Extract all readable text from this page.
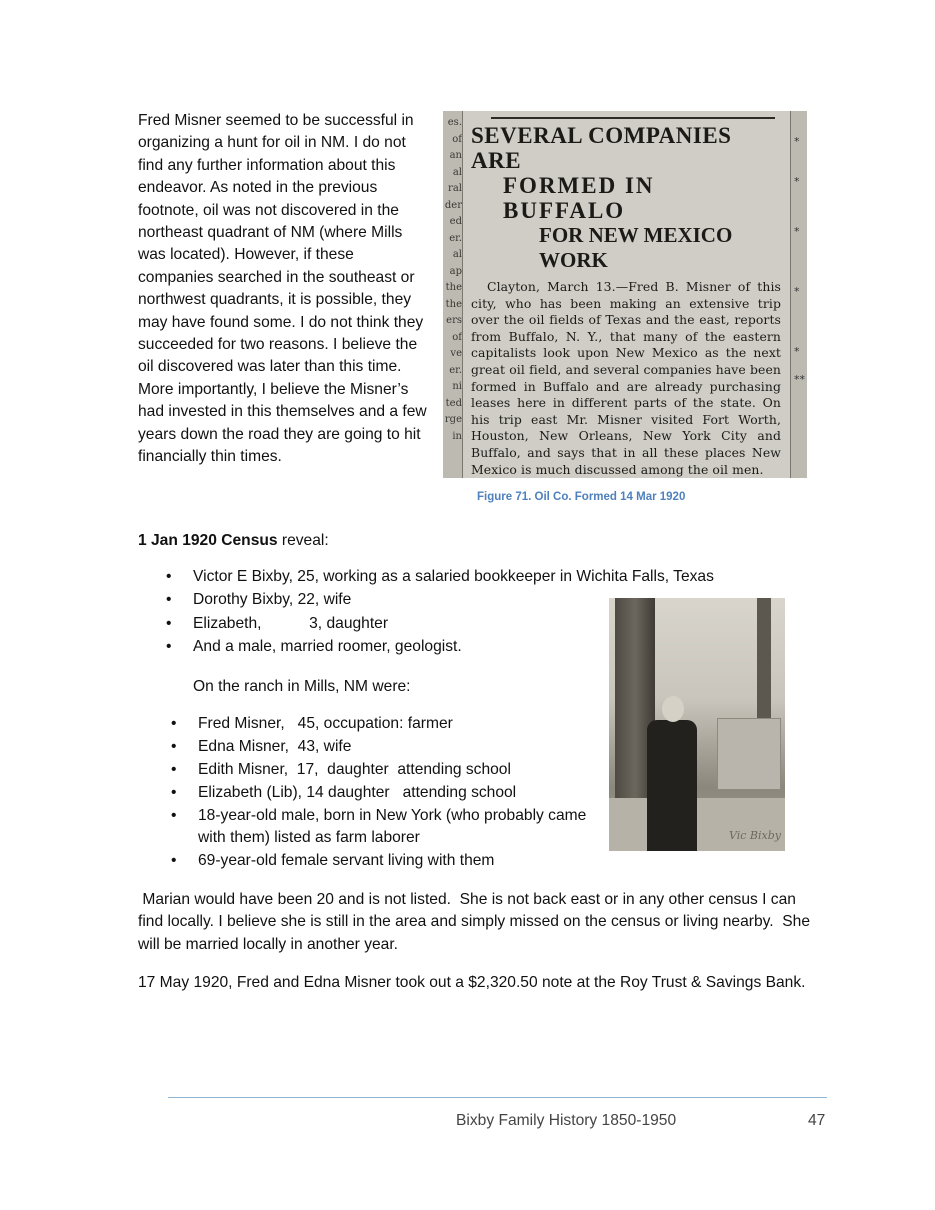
Fred Misner seemed to be successful in organizing a hunt for oil in NM. I do not find any further information about this endeavor. As noted in the previous footnote, oil was not discovered in the northeast quadrant of NM (where Mills was located). However, if these companies searched in the southeast or northwest quadrants, it is possible, they may have found some. I do not think they succeeded for two reasons. I believe the oil discovered was later than this time. More importantly, I believe the Misner’s had invested in this themselves and a few years down the road they are going to hit financially thin times.

es.
of
an
al
ral
der
ed
er.
al
ap
the
the
ers
of
ve
er.
ni
ted
rge
in
*
*
*
*
*
**
SEVERAL COMPANIES ARE
FORMED IN BUFFALO
FOR NEW MEXICO WORK
Clayton, March 13.—Fred B. Misner of this city, who has been making an extensive trip over the oil fields of Texas and the east, reports from Buffalo, N. Y., that many of the eastern capitalists look upon New Mexico as the next great oil field, and several companies have been formed in Buffalo and are already purchasing leases here in different parts of the state. On his trip east Mr. Misner visited Fort Worth, Houston, New Orleans, New York City and Buffalo, and says that in all these places New Mexico is much discussed among the oil men.
Figure 71. Oil Co. Formed 14 Mar 1920

1 Jan 1920 Census reveal:

• Victor E Bixby, 25, working as a salaried bookkeeper in Wichita Falls, Texas
• Dorothy Bixby, 22, wife
• Elizabeth,           3, daughter
• And a male, married roomer, geologist.

On the ranch in Mills, NM were:

• Fred Misner,   45, occupation: farmer
• Edna Misner,  43, wife
• Edith Misner,  17,  daughter  attending school
• Elizabeth (Lib), 14 daughter   attending school
• 18-year-old male, born in New York (who probably came with them) listed as farm laborer
• 69-year-old female servant living with them
Vic Bixby

Marian would have been 20 and is not listed.  She is not back east or in any other census I can find locally. I believe she is still in the area and simply missed on the census or living nearby.  She will be married locally in another year.

17 May 1920, Fred and Edna Misner took out a $2,320.50 note at the Roy Trust & Savings Bank.

Bixby Family History 1850-1950	47
